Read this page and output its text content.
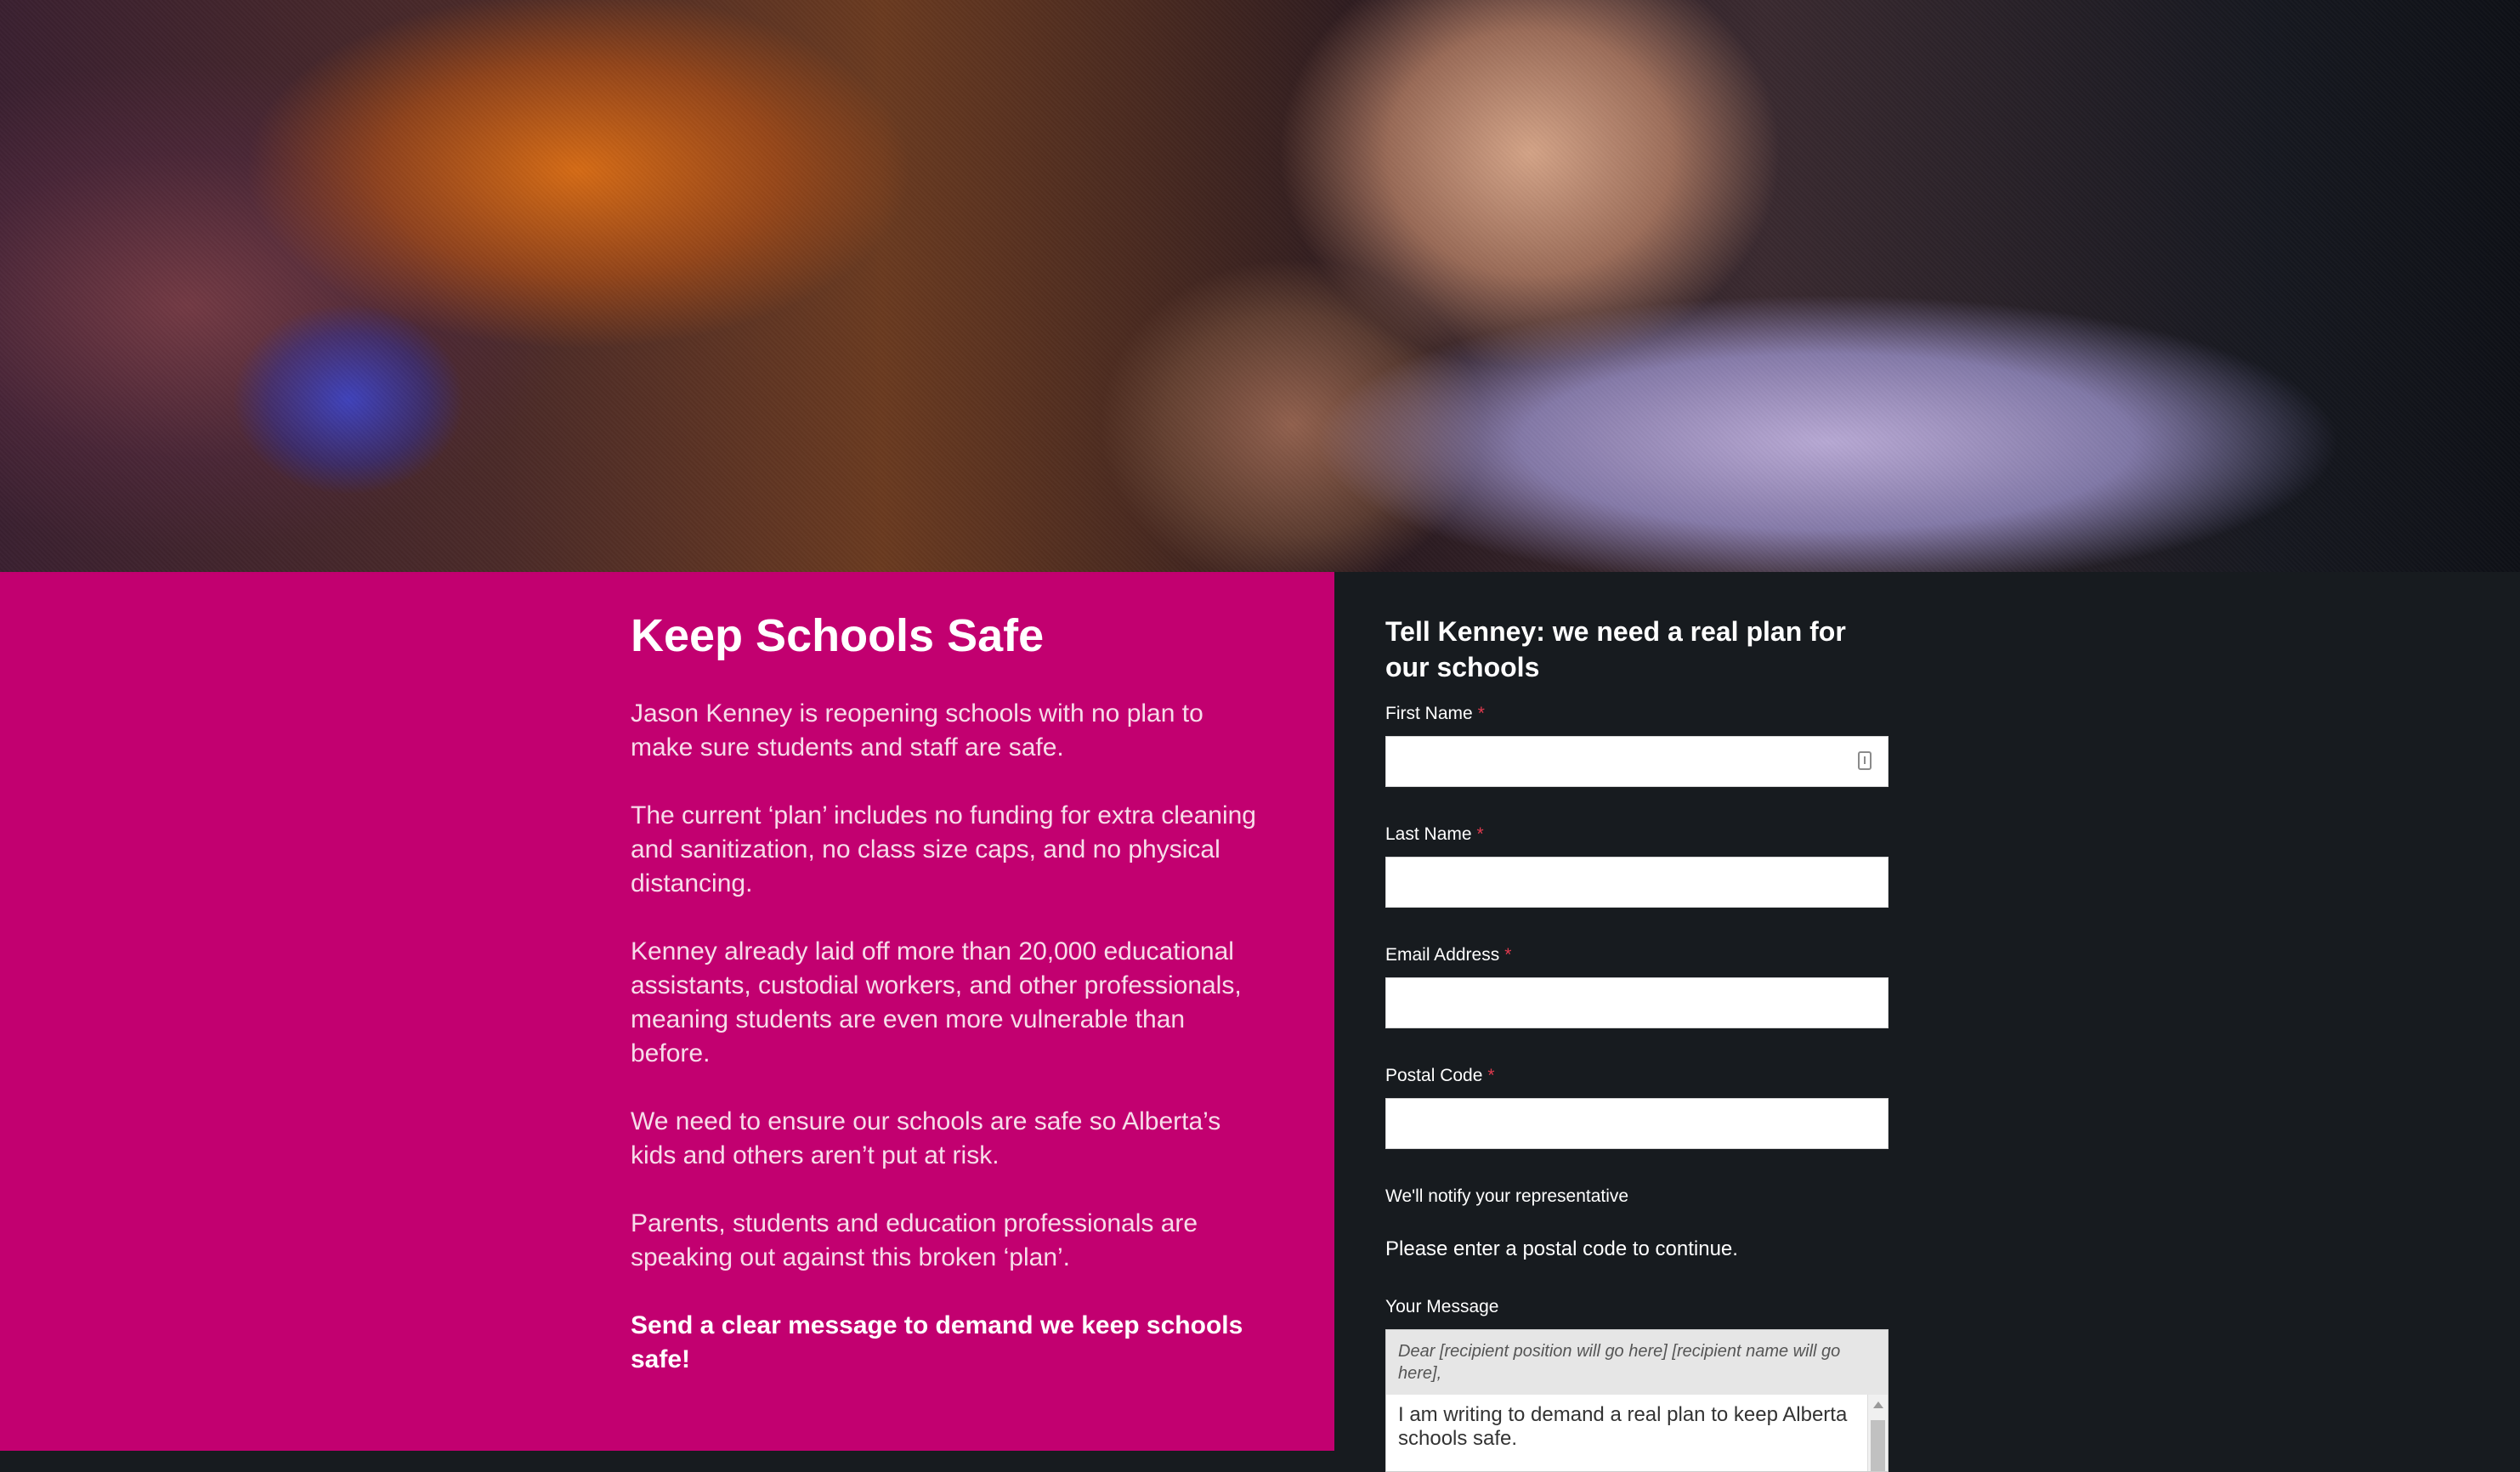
Keep Schools Safe

Jason Kenney is reopening schools with no plan to make sure students and staff are safe.

The current ‘plan’ includes no funding for extra cleaning and sanitization, no class size caps, and no physical distancing.

Kenney already laid off more than 20,000 educational assistants, custodial workers, and other professionals, meaning students are even more vulnerable than before.

We need to ensure our schools are safe so Alberta’s kids and others aren’t put at risk.

Parents, students and education professionals are speaking out against this broken ‘plan’.

Send a clear message to demand we keep schools safe!

Tell Kenney: we need a real plan for our schools
First Name *
Last Name *
Email Address *
Postal Code *

We'll notify your representative

Please enter a postal code to continue.

Your Message
Dear [recipient position will go here] [recipient name will go here],
I am writing to demand a real plan to keep Alberta schools safe.
